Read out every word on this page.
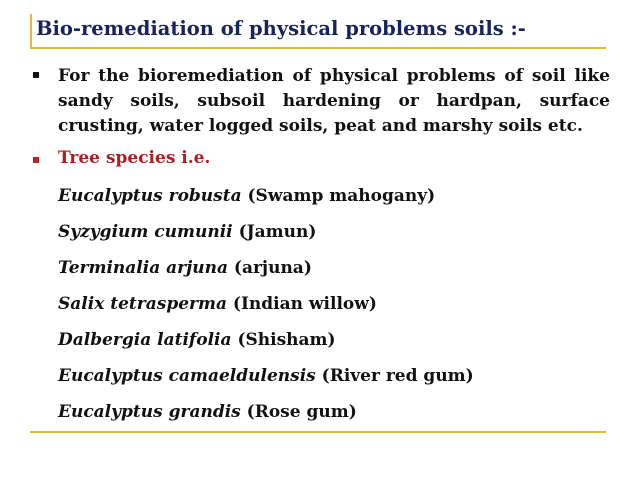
Bio-remediation of physical problems soils :-
For the bioremediation of physical problems of soil like
sandy soils, subsoil hardening or hardpan, surface
crusting, water logged soils, peat and marshy soils etc.
Tree species i.e.
Eucalyptus robusta (Swamp mahogany)
Syzygium cumunii (Jamun)
Terminalia arjuna (arjuna)
Salix tetrasperma (Indian willow)
Dalbergia latifolia (Shisham)
Eucalyptus camaeldulensis (River red gum)
Eucalyptus grandis (Rose gum)
